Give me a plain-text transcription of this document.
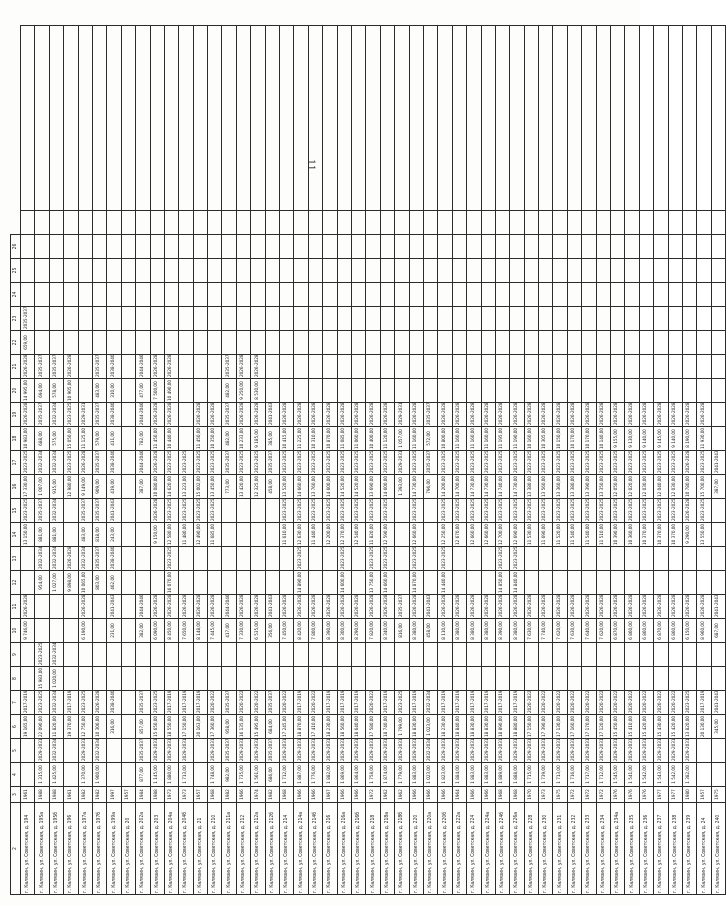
11
2	3	4	5	6	7	8	9	10	11	12	13	14	15	16	17	18	19	20	21	22	23	24	25	26		
г. Калязин, ул. Советская, д. 194	1961			19 165,00	2017-2019			9 746,00	2026-2028			13 150,00	2023-2025	17 330,00	2023-2025	10 983,00	2026-2028	14 995,00	2026-2028	659,00	2035-2037					
г. Калязин, ул. Советская, д. 195а	1988	1 315,00	2029-2031	22 090,00	2023-2025	15 983,00	2023-2025			954,00	2032-2034	881,00	2035-2037	1 007,00	2032-2034	688,00	2035-2037	694,00	2035-2037							
г. Калязин, ул. Советская, д. 195б	1988	1 425,00	2032-2034	11 820,00	2032-2034	1 020,00	2032-2034			1 027,00	2032-2034	881,00	2032-2034	915,00	2032-2034	575,00	2032-2034	578,00	2035-2037							
г. Калязин, ул. Советская, д. 196	1961			19 370,00	2017-2019					9 898,00	2026-2028			12 980,00	2023-2025	15 050,00	2023-2025	10 905,00	2026-2028							
г. Калязин, ул. Советская, д. 197а	1982	1 370,00	2029-2031	12 750,00	2023-2025			6 190,00	2026-2028	10 065,00	2032-2034	483,00	2035-2037	9 149,00	2026-2028	11 125,00	2029-2031									
г. Калязин, ул. Советская, д. 197б	1982	1 900,00	2032-2034	10 306,00	2026-2028					803,00	2035-2037	818,00	2035-2037	909,00	2035-2037	579,00	2035-2037	483,00	2035-2037							
г. Калязин, ул. Советская, д. 199а	1997			316,00	2038-2040			231,00	2041-2043	462,00	2038-2040	243,00	2041-2043	419,00	2038-2040	411,00	2038-2040	310,00	2038-2040							
г. Калязин, ул. Советская, д. 20	1957																									
г. Калязин, ул. Советская, д. 202а	1984	877,00	2035-2037	857,00	2035-2037			382,00	2044-2046					387,00	2044-2046	782,00	2044-2046	477,00	2044-2046							
г. Калязин, ул. Советская, д. 203	1988	1 145,00	2029-2031	15 650,00	2023-2025			6 090,00	2026-2028			9 150,00	2026-2028	10 080,00	2026-2028	11 450,00	2026-2028	7 500,00	2026-2028							
г. Калязин, ул. Советская, д. 204а	1973	1 880,00	2029-2031	18 550,00	2017-2019			8 450,00	2026-2028	16 070,00	2023-2025	12 580,00	2023-2025	14 620,00	2023-2025	10 440,00	2026-2028	10 490,00	2026-2028							
г. Калязин, ул. Советская, д. 204б	1973	1 713,00	2029-2031	17 150,00	2017-2019			7 650,00	2026-2028			11 480,00	2023-2025	13 223,00	2023-2025											
г. Калязин, ул. Советская, д. 21	1957			20 163,00	2017-2019			8 148,00	2026-2028			12 490,00	2023-2025	15 002,00	2023-2025	11 450,00	2026-2028									
г. Калязин, ул. Советская, д. 210	1968	1 748,00	2029-2031	17 360,00	2020-2022			7 445,00	2026-2028			11 685,00	2023-2025	13 450,00	2023-2025	10 350,00	2026-2028									
г. Калязин, ул. Советская, д. 211а	1982	982,00	2035-2037	958,00	2035-2037			417,00	2044-2046					773,00	2035-2037	482,00	2035-2037	482,00	2035-2037							
г. Калязин, ул. Советская, д. 212	1966	1 735,00	2029-2031	16 135,00	2020-2022			7 330,00	2026-2028					13 420,00	2023-2025	10 233,00	2026-2028	9 250,00	2026-2028							
г. Калязин, ул. Советская, д. 212а	1974	1 561,00	2029-2031	15 495,00	2020-2022			6 535,00	2026-2028					12 325,00	2023-2025	9 185,00	2026-2028	8 530,00	2026-2028							
г. Калязин, ул. Советская, д. 212б	1982	686,00	2035-2037	684,00	2035-2037			356,00	2041-2043					458,00	2035-2037	385,00	2041-2043									
г. Калязин, ул. Советская, д. 214	1968	1 712,00	2029-2031	17 245,00	2020-2022			7 450,00	2026-2028			11 610,00	2023-2025	13 520,00	2023-2025	10 415,00	2026-2028									
г. Калязин, ул. Советская, д. 214а	1966	1 887,00	2029-2031	18 870,00	2017-2019			8 420,00	2026-2028	14 890,00	2023-2025	12 630,00	2023-2025	14 660,00	2023-2025	11 225,00	2026-2028									
г. Калязин, ул. Советская, д. 214б	1966	1 776,00	2029-2031	17 410,00	2020-2022			7 800,00	2026-2028			11 440,00	2023-2025	13 760,00	2023-2025	10 310,00	2026-2028									
г. Калязин, ул. Советская, д. 216	1967	1 882,00	2029-2031	18 230,00	2017-2019			8 390,00	2026-2028			12 200,00	2023-2025	14 600,00	2023-2025	10 870,00	2026-2028									
г. Калязин, ул. Советская, д. 216а	1966	1 869,00	2029-2031	18 560,00	2017-2019			8 300,00	2026-2028	14 600,00	2023-2025	12 370,00	2023-2025	14 520,00	2023-2025	11 085,00	2026-2028									
г. Калязин, ул. Советская, д. 216б	1966	1 864,00	2029-2031	18 640,00	2017-2019			8 290,00	2026-2028			12 540,00	2023-2025	14 520,00	2023-2025	11 060,00	2026-2028									
г. Калязин, ул. Советская, д. 218	1972	1 758,00	2029-2031	17 580,00	2020-2022			7 820,00	2026-2028	13 750,00	2023-2025	11 820,00	2023-2025	13 690,00	2023-2025	10 400,00	2026-2028									
г. Калязин, ул. Советская, д. 218а	1962	1 874,00	2029-2031	18 740,00	2017-2019			8 340,00	2026-2028	14 660,00	2023-2025	12 590,00	2023-2025	14 600,00	2023-2025	11 120,00	2026-2028									
г. Калязин, ул. Советская, д. 218б	1962	1 779,00	2029-2031	1 799,00	2023-2025			816,00	2035-2037					1 393,00	2029-2031	1 057,00	2029-2031									
г. Калязин, ул. Советская, д. 220	1966	1 883,00	2029-2031	18 830,00	2017-2019			8 380,00	2026-2028	14 870,00	2023-2025	12 660,00	2023-2025	14 730,00	2023-2025	11 160,00	2026-2028									
г. Калязин, ул. Советская, д. 220а	1966	1 023,00	2032-2034	1 023,00	2032-2034			458,00	2041-2043					796,00	2035-2037	572,00	2035-2037									
г. Калязин, ул. Советская, д. 220б	1966	1 823,00	2029-2031	18 230,00	2017-2019			8 110,00	2026-2028	14 440,00	2023-2025	12 250,00	2023-2025	14 200,00	2023-2025	10 800,00	2026-2028									
г. Калязин, ул. Советская, д. 222а	1964	1 884,00	2029-2031	18 840,00	2017-2019			8 380,00	2026-2028			12 670,00	2023-2025	14 700,00	2023-2025	11 160,00	2026-2028									
г. Калязин, ул. Советская, д. 224	1966	1 883,00	2029-2031	18 830,00	2017-2019			8 380,00	2026-2028			12 660,00	2023-2025	14 730,00	2023-2025	11 160,00	2026-2028									
г. Калязин, ул. Советская, д. 224а	1966	1 883,00	2029-2031	18 830,00	2017-2019			8 380,00	2026-2028			12 660,00	2023-2025	14 730,00	2023-2025	11 160,00	2026-2028									
г. Калязин, ул. Советская, д. 224б	1968	1 889,00	2029-2031	18 890,00	2017-2019			8 390,00	2026-2028	14 850,00	2023-2025	12 700,00	2023-2025	14 740,00	2023-2025	11 195,00	2026-2028									
г. Калязин, ул. Советская, д. 226а	1968	1 888,00	2029-2031	18 880,00	2017-2019			8 380,00	2026-2028	14 840,00	2023-2025	12 690,00	2023-2025	14 730,00	2023-2025	11 190,00	2026-2028									
г. Калязин, ул. Советская, д. 228	1970	1 715,00	2029-2031	17 150,00	2020-2022			7 630,00	2026-2028			11 530,00	2023-2025	13 380,00	2023-2025	10 160,00	2026-2028									
г. Калязин, ул. Советская, д. 230	1973	1 739,00	2029-2031	17 390,00	2020-2022			7 740,00	2026-2028			11 690,00	2023-2025	13 560,00	2023-2025	10 305,00	2026-2028									
г. Калязин, ул. Советская, д. 231	1975	1 713,00	2029-2031	17 130,00	2020-2022			7 620,00	2026-2028			11 520,00	2023-2025	13 360,00	2023-2025	10 150,00	2026-2028									
г. Калязин, ул. Советская, д. 232	1972	1 716,00	2029-2031	17 160,00	2020-2022			7 630,00	2026-2028			11 540,00	2023-2025	13 380,00	2023-2025	10 170,00	2026-2028									
г. Калязин, ул. Советская, д. 233	1972	1 717,00	2029-2031	17 170,00	2020-2022			7 640,00	2026-2028			11 540,00	2023-2025	13 390,00	2023-2025	10 170,00	2026-2028									
г. Калязин, ул. Советская, д. 234	1972	1 712,00	2029-2031	17 120,00	2020-2022			7 620,00	2026-2028			11 510,00	2023-2025	13 350,00	2023-2025	10 140,00	2026-2028									
г. Калязин, ул. Советская, д. 234а	1976	1 545,00	2029-2031	15 450,00	2020-2022			6 870,00	2026-2028			10 390,00	2023-2025	12 050,00	2023-2025	9 155,00	2026-2028									
г. Калязин, ул. Советская, д. 235	1976	1 541,00	2029-2031	15 410,00	2020-2022			6 860,00	2026-2028			10 360,00	2023-2025	12 020,00	2023-2025	9 130,00	2026-2028									
г. Калязин, ул. Советская, д. 236	1976	1 542,00	2029-2031	15 420,00	2020-2022			6 860,00	2026-2028			10 370,00	2023-2025	12 030,00	2023-2025	9 140,00	2026-2028									
г. Калязин, ул. Советская, д. 237	1977	1 543,00	2029-2031	15 430,00	2020-2022			6 870,00	2026-2028			10 370,00	2023-2025	12 040,00	2023-2025	9 145,00	2026-2028									
г. Калязин, ул. Советская, д. 238	1977	1 542,00	2029-2031	15 420,00	2020-2022			6 860,00	2026-2028			10 370,00	2023-2025	12 030,00	2023-2025	9 140,00	2026-2028									
г. Калязин, ул. Советская, д. 239	1980	1 382,00	2029-2031	13 820,00	2023-2025			6 150,00	2026-2028			9 290,00	2026-2028	10 780,00	2026-2028	8 190,00	2026-2028									
г. Калязин, ул. Советская, д. 24	1957			20 130,00	2017-2019			8 960,00	2026-2028			13 550,00	2023-2025	15 700,00	2023-2025	11 930,00	2026-2028									
г. Калязин, ул. Советская, д. 240	1975			345,00	2041-2043			687,00	2041-2043					387,00	2041-2043											
